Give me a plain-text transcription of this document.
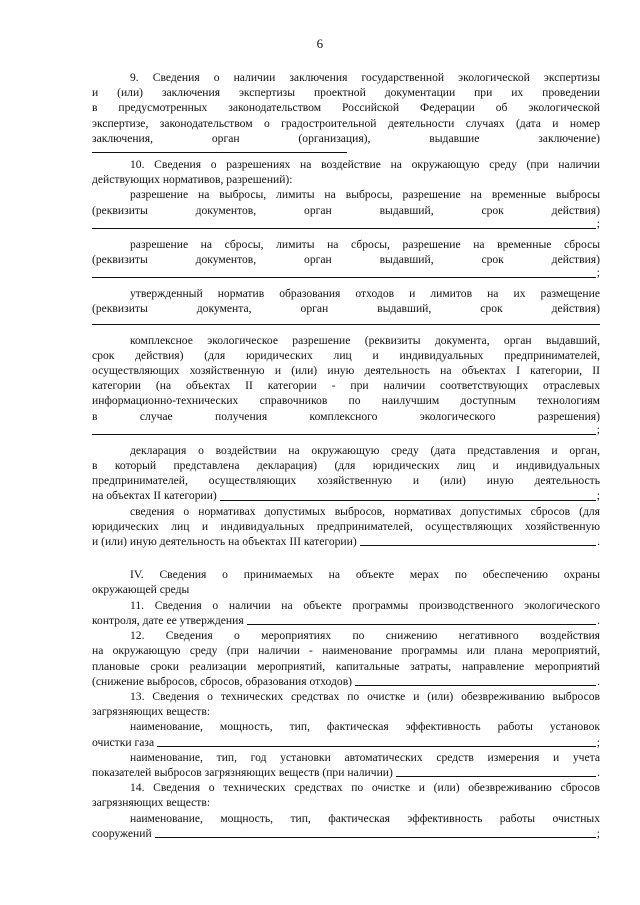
6

9. Сведения о наличии заключения государственной экологической экспертизы

и (или) заключения экспертизы проектной документации при их проведении

в предусмотренных законодательством Российской Федерации об экологической

экспертизе, законодательством о градостроительной деятельности случаях (дата и номер

заключения, орган (организация), выдавшие заключение)

10. Сведения о разрешениях на воздействие на окружающую среду (при наличии

действующих нормативов, разрешений):

разрешение на выбросы, лимиты на выбросы, разрешение на временные выбросы

(реквизиты документов, орган выдавший, срок действия)

;

разрешение на сбросы, лимиты на сбросы, разрешение на временные сбросы

(реквизиты документов, орган выдавший, срок действия)

;

утвержденный норматив образования отходов и лимитов на их размещение

(реквизиты документа, орган выдавший, срок действия)

комплексное экологическое разрешение (реквизиты документа, орган выдавший,

срок действия) (для юридических лиц и индивидуальных предпринимателей,

осуществляющих хозяйственную и (или) иную деятельность на объектах I категории, II

категории (на объектах II категории - при наличии соответствующих отраслевых

информационно-технических справочников по наилучшим доступным технологиям

в случае получения комплексного экологического разрешения)

;

декларация о воздействии на окружающую среду (дата представления и орган,

в который представлена декларация) (для юридических лиц и индивидуальных

предпринимателей, осуществляющих хозяйственную и (или) иную деятельность

на объектах II категории)	;

сведения о нормативах допустимых выбросов, нормативах допустимых сбросов (для

юридических лиц и индивидуальных предпринимателей, осуществляющих хозяйственную

и (или) иную деятельность на объектах III категории)	.

IV. Сведения о принимаемых на объекте мерах по обеспечению охраны

окружающей среды

11. Сведения о наличии на объекте программы производственного экологического

контроля, дате ее утверждения	.

12. Сведения о мероприятиях по снижению негативного воздействия

на окружающую среду (при наличии - наименование программы или плана мероприятий,

плановые сроки реализации мероприятий, капитальные затраты, направление мероприятий

(снижение выбросов, сбросов, образования отходов)	.

13. Сведения о технических средствах по очистке и (или) обезвреживанию выбросов

загрязняющих веществ:

наименование, мощность, тип, фактическая эффективность работы установок

очистки газа	;

наименование, тип, год установки автоматических средств измерения и учета

показателей выбросов загрязняющих веществ (при наличии)	.

14. Сведения о технических средствах по очистке и (или) обезвреживанию сбросов

загрязняющих веществ:

наименование, мощность, тип, фактическая эффективность работы очистных

сооружений	;
